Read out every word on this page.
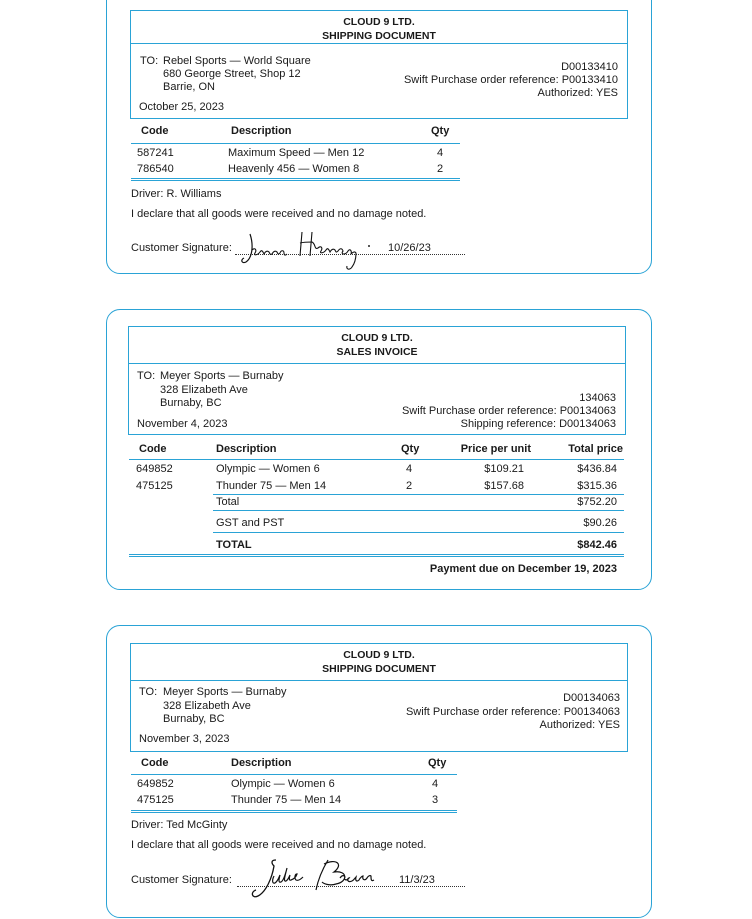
CLOUD 9 LTD.
SHIPPING DOCUMENT
TO: Rebel Sports — World Square
680 George Street, Shop 12
Barrie, ON
D00133410
Swift Purchase order reference: P00133410
Authorized: YES
October 25, 2023
Code	Description	Qty
587241	Maximum Speed — Men 12	4
786540	Heavenly 456 — Women 8	2
Driver: R. Williams
I declare that all goods were received and no damage noted.
Customer Signature:	10/26/23
CLOUD 9 LTD.
SALES INVOICE
TO: Meyer Sports — Burnaby
328 Elizabeth Ave
Burnaby, BC	134063
Swift Purchase order reference: P00134063
Shipping reference: D00134063
November 4, 2023
Code	Description	Qty	Price per unit	Total price
649852	Olympic — Women 6	4	$109.21	$436.84
475125	Thunder 75 — Men 14	2	$157.68	$315.36
Total	$752.20
GST and PST	$90.26
TOTAL	$842.46
Payment due on December 19, 2023
CLOUD 9 LTD.
SHIPPING DOCUMENT
TO: Meyer Sports — Burnaby
328 Elizabeth Ave
Burnaby, BC
D00134063
Swift Purchase order reference: P00134063
Authorized: YES
November 3, 2023
Code	Description	Qty
649852	Olympic — Women 6	4
475125	Thunder 75 — Men 14	3
Driver: Ted McGinty
I declare that all goods were received and no damage noted.
Customer Signature:	11/3/23
